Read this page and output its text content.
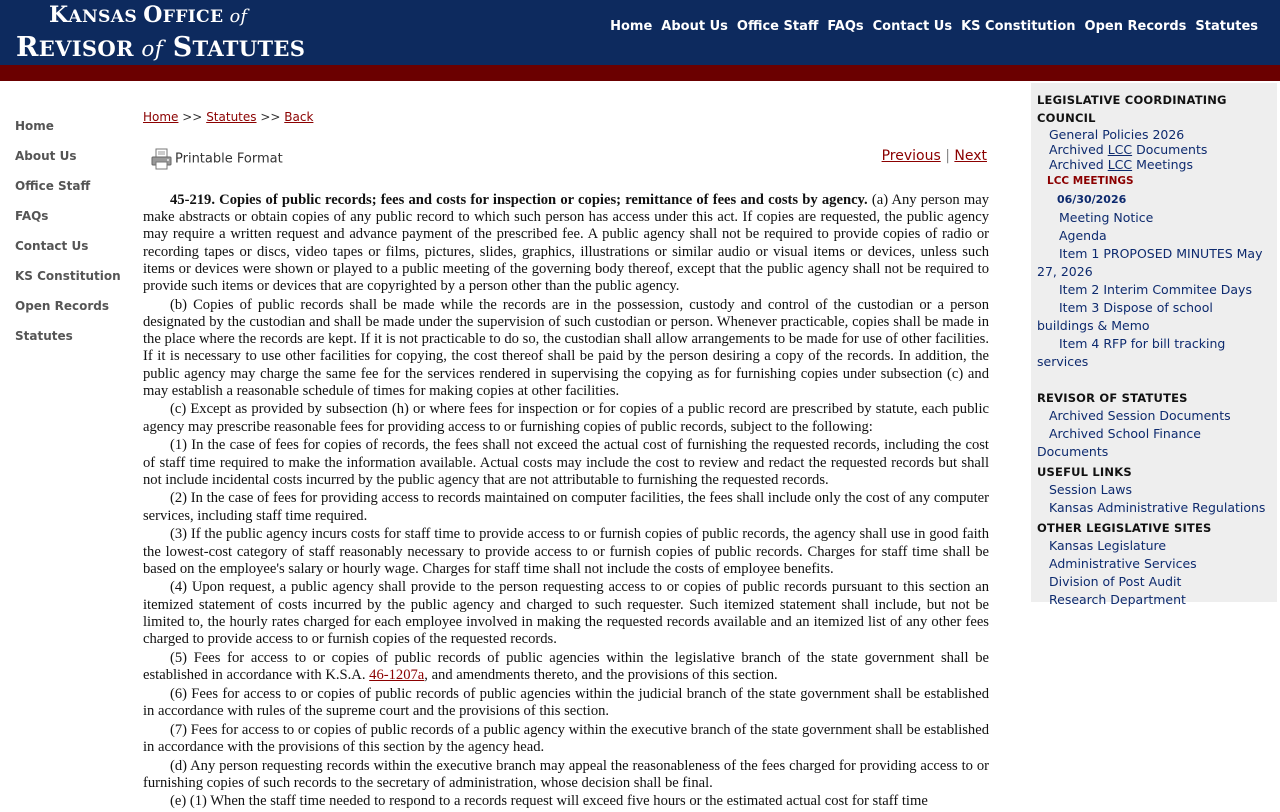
KANSAS OFFICE of
REVISOR of STATUTES
Home About Us Office Staff FAQs Contact Us KS Constitution Open Records Statutes
Home
About Us
Office Staff
FAQs
Contact Us
KS Constitution
Open Records
Statutes
Home >> Statutes >> Back
Printable Format	Previous | Next

45-219. Copies of public records; fees and costs for inspection or copies; remittance of fees and costs by agency. (a) Any person may make abstracts or obtain copies of any public record to which such person has access under this act. If copies are requested, the public agency may require a written request and advance payment of the prescribed fee. A public agency shall not be required to provide copies of radio or recording tapes or discs, video tapes or films, pictures, slides, graphics, illustrations or similar audio or visual items or devices, unless such items or devices were shown or played to a public meeting of the governing body thereof, except that the public agency shall not be required to provide such items or devices that are copyrighted by a person other than the public agency.

(b) Copies of public records shall be made while the records are in the possession, custody and control of the custodian or a person designated by the custodian and shall be made under the supervision of such custodian or person. Whenever practicable, copies shall be made in the place where the records are kept. If it is not practicable to do so, the custodian shall allow arrangements to be made for use of other facilities. If it is necessary to use other facilities for copying, the cost thereof shall be paid by the person desiring a copy of the records. In addition, the public agency may charge the same fee for the services rendered in supervising the copying as for furnishing copies under subsection (c) and may establish a reasonable schedule of times for making copies at other facilities.

(c) Except as provided by subsection (h) or where fees for inspection or for copies of a public record are prescribed by statute, each public agency may prescribe reasonable fees for providing access to or furnishing copies of public records, subject to the following:

(1) In the case of fees for copies of records, the fees shall not exceed the actual cost of furnishing the requested records, including the cost of staff time required to make the information available. Actual costs may include the cost to review and redact the requested records but shall not include incidental costs incurred by the public agency that are not attributable to furnishing the requested records.

(2) In the case of fees for providing access to records maintained on computer facilities, the fees shall include only the cost of any computer services, including staff time required.

(3) If the public agency incurs costs for staff time to provide access to or furnish copies of public records, the agency shall use in good faith the lowest-cost category of staff reasonably necessary to provide access to or furnish copies of public records. Charges for staff time shall be based on the employee's salary or hourly wage. Charges for staff time shall not include the costs of employee benefits.

(4) Upon request, a public agency shall provide to the person requesting access to or copies of public records pursuant to this section an itemized statement of costs incurred by the public agency and charged to such requester. Such itemized statement shall include, but not be limited to, the hourly rates charged for each employee involved in making the requested records available and an itemized list of any other fees charged to provide access to or furnish copies of the requested records.

(5) Fees for access to or copies of public records of public agencies within the legislative branch of the state government shall be established in accordance with K.S.A. 46-1207a, and amendments thereto, and the provisions of this section.

(6) Fees for access to or copies of public records of public agencies within the judicial branch of the state government shall be established in accordance with rules of the supreme court and the provisions of this section.

(7) Fees for access to or copies of public records of a public agency within the executive branch of the state government shall be established in accordance with the provisions of this section by the agency head.

(d) Any person requesting records within the executive branch may appeal the reasonableness of the fees charged for providing access to or furnishing copies of such records to the secretary of administration, whose decision shall be final.

(e) (1) When the staff time needed to respond to a records request will exceed five hours or the estimated actual cost for staff time

LEGISLATIVE COORDINATING COUNCIL
General Policies 2026
Archived LCC Documents
Archived LCC Meetings
LCC MEETINGS
06/30/2026
Meeting Notice
Agenda
Item 1 PROPOSED MINUTES May 27, 2026
Item 2 Interim Commitee Days
Item 3 Dispose of school buildings & Memo
Item 4 RFP for bill tracking services
REVISOR OF STATUTES
Archived Session Documents
Archived School Finance Documents
USEFUL LINKS
Session Laws
Kansas Administrative Regulations
OTHER LEGISLATIVE SITES
Kansas Legislature
Administrative Services
Division of Post Audit
Research Department
